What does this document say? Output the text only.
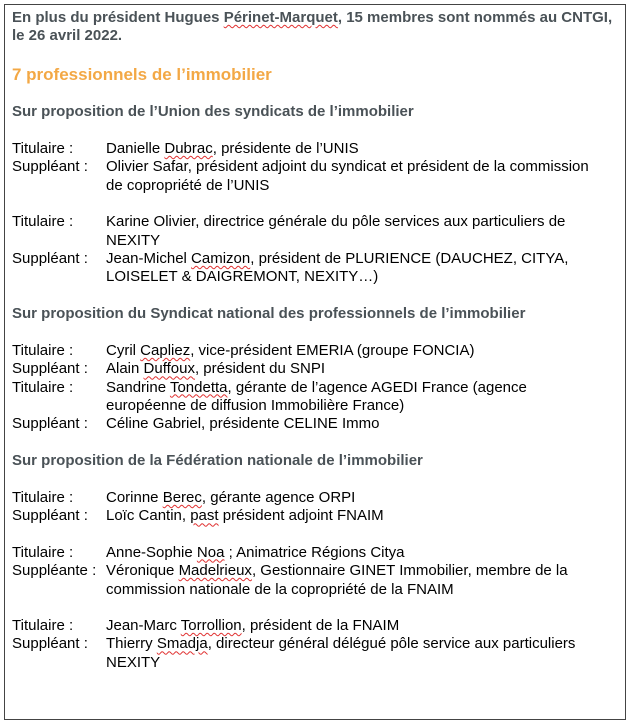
En plus du président Hugues Périnet-Marquet, 15 membres sont nommés au CNTGI, le 26 avril 2022.

7 professionnels de l’immobilier
Sur proposition de l’Union des syndicats de l’immobilier
Titulaire :	Danielle Dubrac, présidente de l’UNIS
Suppléant :	Olivier Safar, président adjoint du syndicat et président de la commission de copropriété de l’UNIS
Titulaire :	Karine Olivier, directrice générale du pôle services aux particuliers de NEXITY
Suppléant :	Jean-Michel Camizon, président de PLURIENCE (DAUCHEZ, CITYA, LOISELET & DAIGREMONT, NEXITY…)
Sur proposition du Syndicat national des professionnels de l’immobilier
Titulaire :	Cyril Capliez, vice-président EMERIA (groupe FONCIA)
Suppléant :	Alain Duffoux, président du SNPI
Titulaire :	Sandrine Tondetta, gérante de l’agence AGEDI France (agence européenne de diffusion Immobilière France)
Suppléant :	Céline Gabriel, présidente CELINE Immo
Sur proposition de la Fédération nationale de l’immobilier
Titulaire :	Corinne Berec, gérante agence ORPI
Suppléant :	Loïc Cantin, past président adjoint FNAIM
Titulaire :	Anne-Sophie Noa ; Animatrice Régions Citya
Suppléante : Véronique Madelrieux, Gestionnaire GINET Immobilier, membre de la commission nationale de la copropriété de la FNAIM
Titulaire :	Jean-Marc Torrollion, président de la FNAIM
Suppléant :	Thierry Smadja, directeur général délégué pôle service aux particuliers NEXITY
